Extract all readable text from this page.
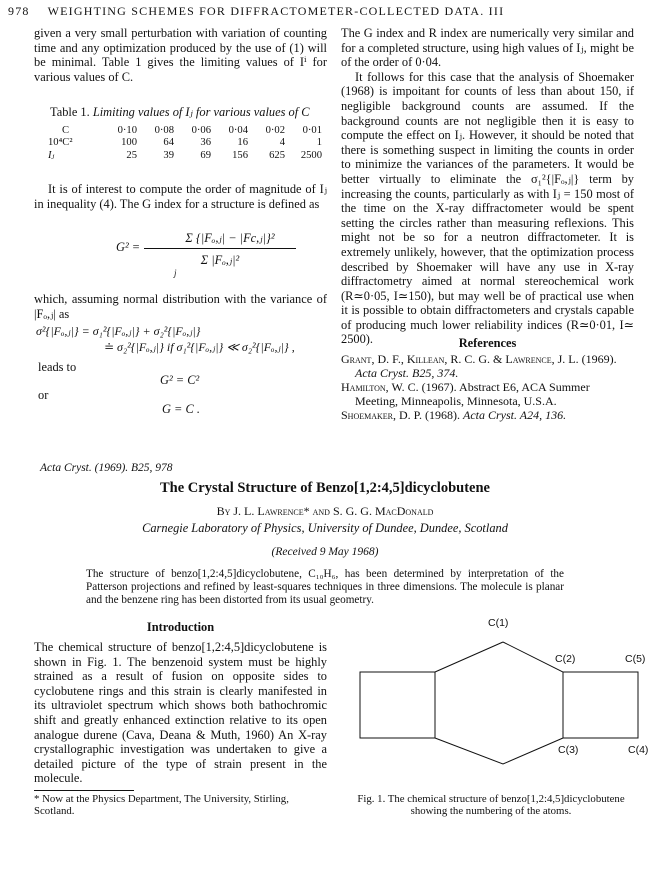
978 WEIGHTING SCHEMES FOR DIFFRACTOMETER-COLLECTED DATA. III

given a very small perturbation with variation of counting time and any optimization produced by the use of (1) will be minimal. Table 1 gives the limiting values of Iⁱ for various values of C.

Table 1. Limiting values of Iⱼ for various values of C
C	0·10	0·08	0·06	0·04	0·02	0·01
10⁴C²	100	64	36	16	4	1
Iⱼ	25	39	69	156	625	2500

It is of interest to compute the order of magnitude of Iⱼ in inequality (4). The G index for a structure is defined as

Σ {|Fₒ,ⱼ| − |Fc,ⱼ|}²
G² =
Σ |Fₒ,ⱼ|²
j

which, assuming normal distribution with the variance of |Fₒ,ⱼ| as

σ²{|Fₒ,ⱼ|} = σ₁²{|Fₒ,ⱼ|} + σ₂²{|Fₒ,ⱼ|}
≐ σ₂²{|Fₒ,ⱼ|} if σ₁²{|Fₒ,ⱼ|} ≪ σ₂²{|Fₒ,ⱼ|} ,
leads to
G² = C²
or
G = C .

The G index and R index are numerically very similar and for a completed structure, using high values of Iⱼ, might be of the order of 0·04.

It follows for this case that the analysis of Shoemaker (1968) is impoitant for counts of less than about 150, if negligible background counts are assumed. If the background counts are not negligible then it is easy to compute the effect on Iⱼ. However, it should be noted that there is something suspect in limiting the counts in order to minimize the variances of the parameters. It would be better virtually to eliminate the σ₁²{|Fₒ,ⱼ|} term by increasing the counts, particularly as with Iⱼ = 150 most of the time on the X-ray diffractometer would be spent setting the circles rather than measuring reflexions. This might not be so for a neutron diffractometer. It is extremely unlikely, however, that the optimization process described by Shoemaker will have any use in X-ray diffractometry aimed at normal stereochemical work (R≃0·05, I≃150), but may well be of practical use when it is possible to obtain diffractometers and crystals capable of producing much lower reliability indices (R≃0·01, I≃ 2500).	References

Grant, D. F., Killean, R. C. G. & Lawrence, J. L. (1969). Acta Cryst. B25, 374.

Hamilton, W. C. (1967). Abstract E6, ACA Summer Meeting, Minneapolis, Minnesota, U.S.A.

Shoemaker, D. P. (1968). Acta Cryst. A24, 136.

Acta Cryst. (1969). B25, 978
The Crystal Structure of Benzo[1,2:4,5]dicyclobutene
By J. L. Lawrence* and S. G. G. MacDonald
Carnegie Laboratory of Physics, University of Dundee, Dundee, Scotland
(Received 9 May 1968)
The structure of benzo[1,2:4,5]dicyclobutene, C₁₀H₆, has been determined by interpretation of the Patterson projections and refined by least-squares techniques in three dimensions. The molecule is planar and the benzene ring has been distorted from its usual geometry.
Introduction

The chemical structure of benzo[1,2:4,5]dicyclobutene is shown in Fig. 1. The benzenoid system must be highly strained as a result of fusion on opposite sides to cyclobutene rings and this strain is clearly manifested in its ultraviolet spectrum which shows both bathochromic shift and greatly enhanced extinction relative to its open analogue durene (Cava, Deana & Muth, 1960) An X-ray crystallographic investigation was undertaken to give a detailed picture of the type of strain present in the molecule.

* Now at the Physics Department, The University, Stirling, Scotland.
C(1)
C(2)	C(5)
C(3)	C(4)
Fig. 1. The chemical structure of benzo[1,2:4,5]dicyclobutene showing the numbering of the atoms.
